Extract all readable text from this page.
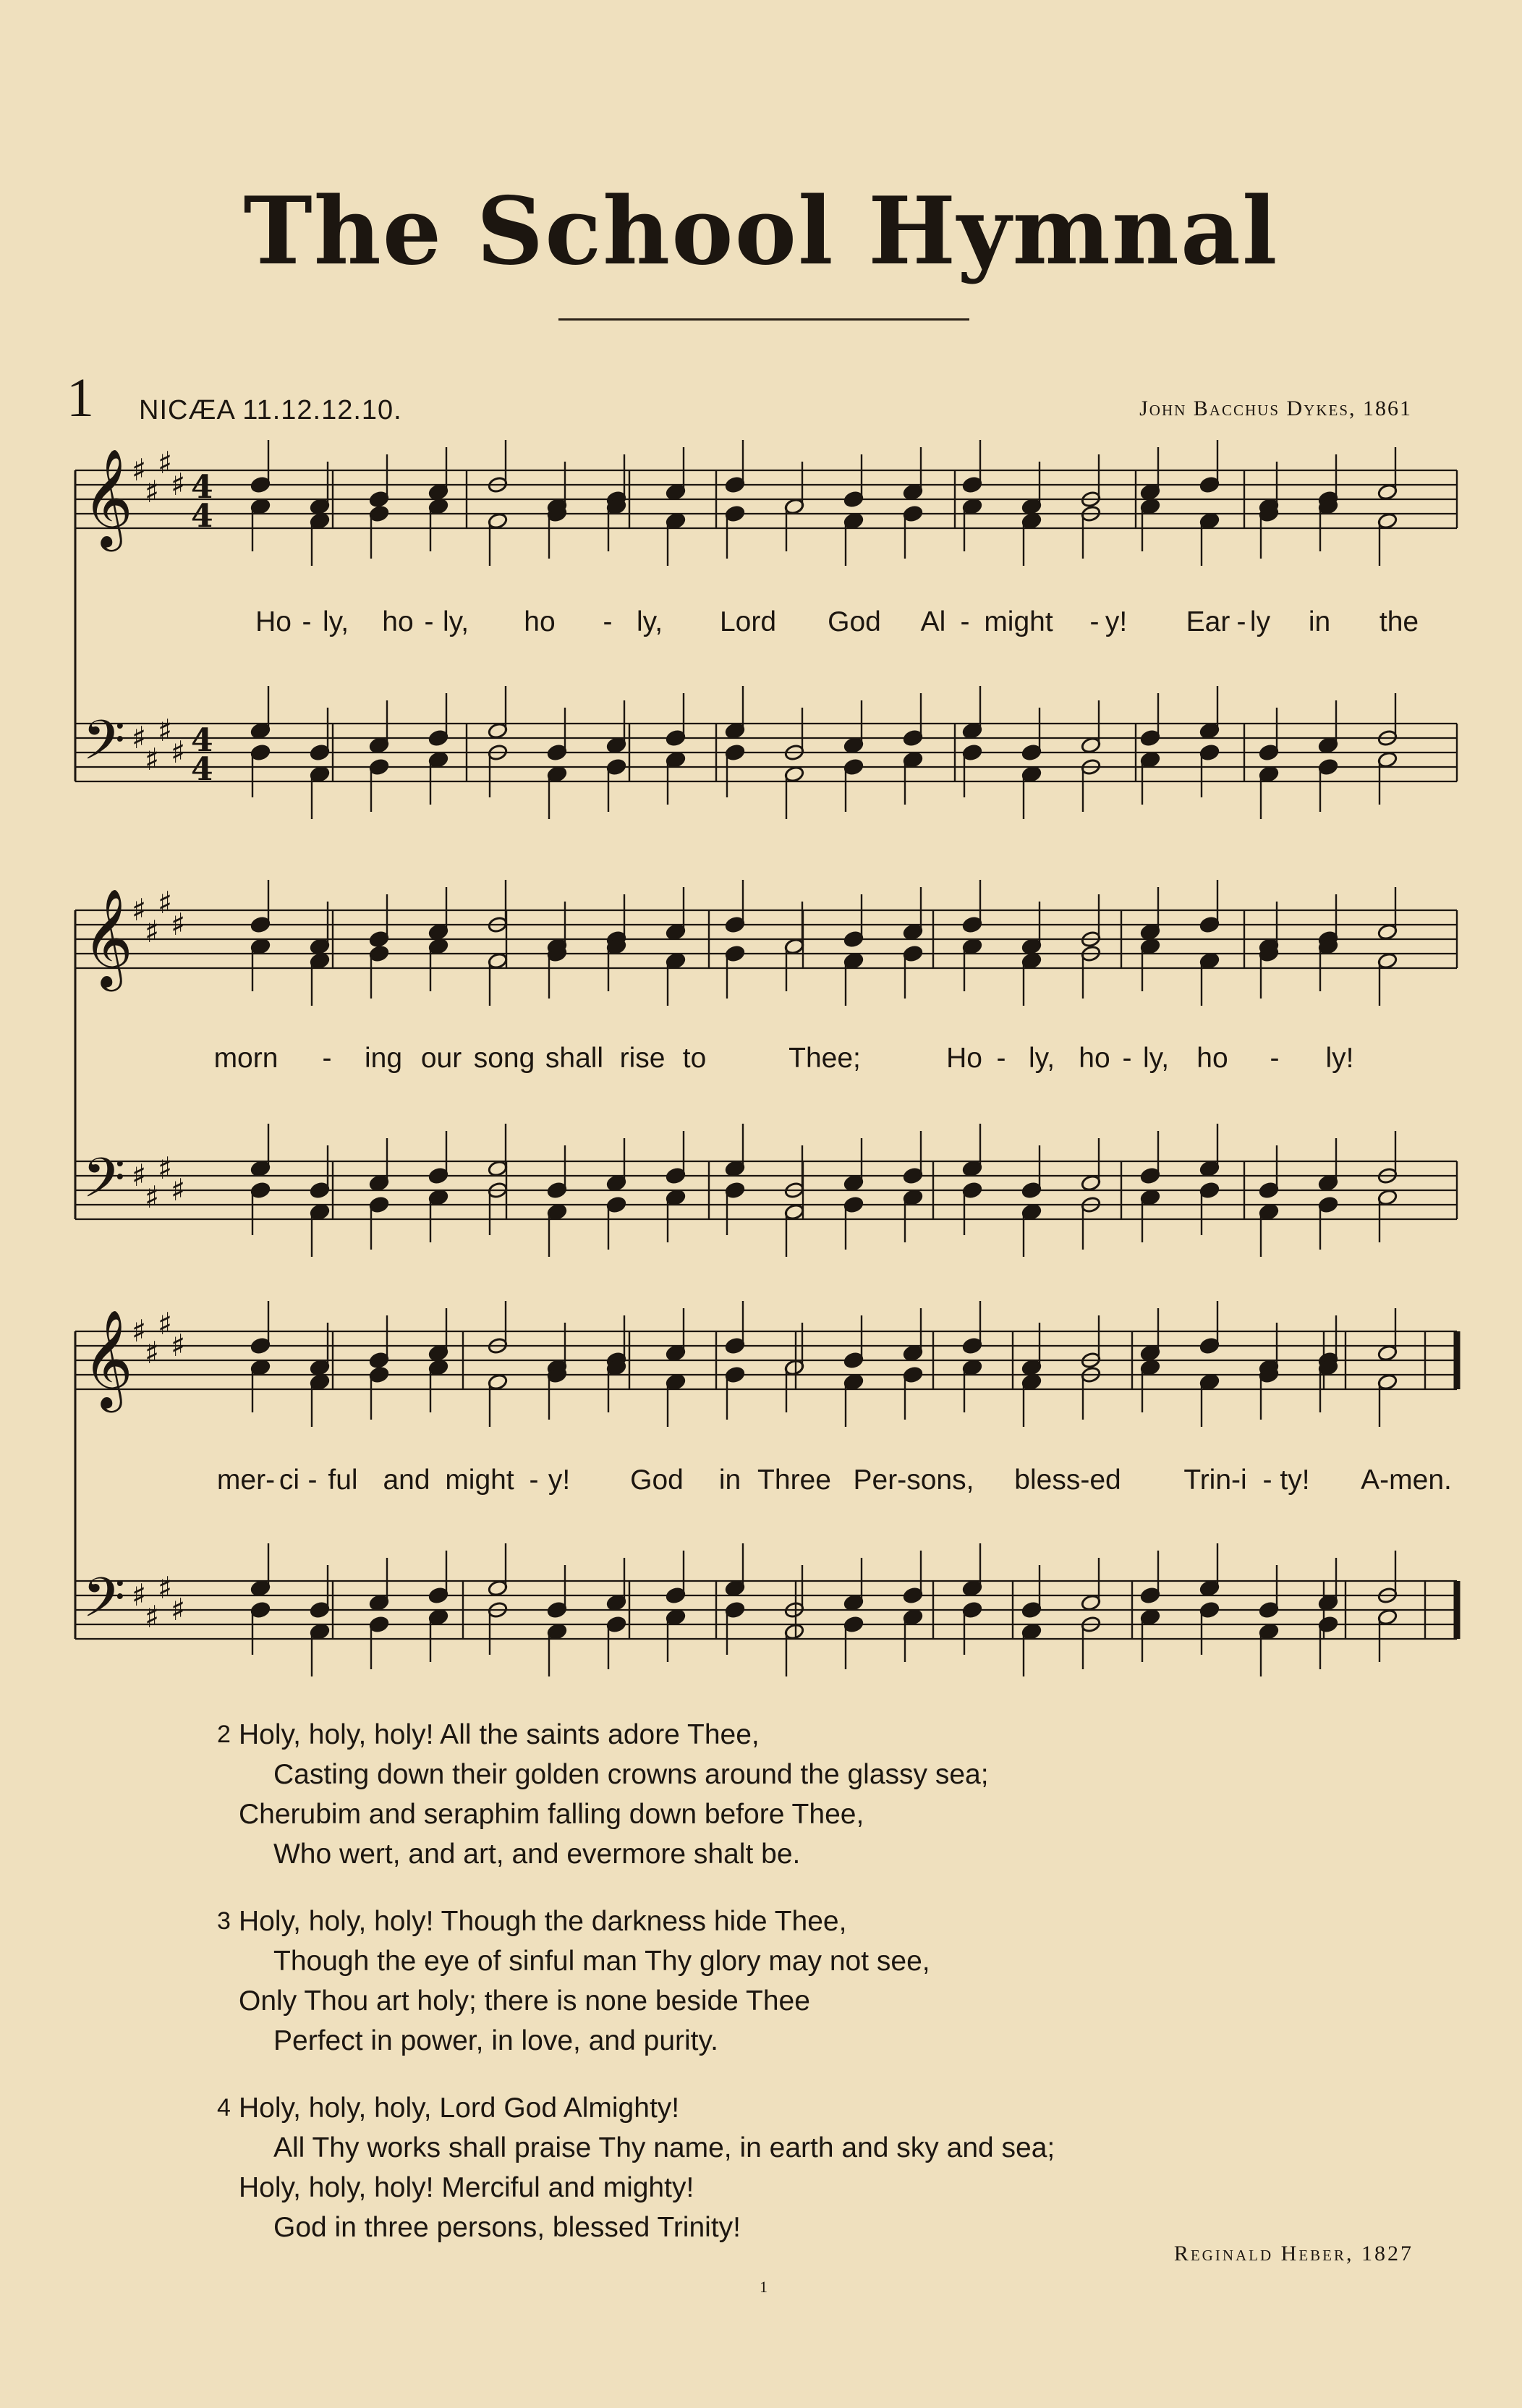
The School Hymnal
1 NICÆA 11.12.12.10.	John Bacchus Dykes, 1861
𝄞
♯
♯
♯
♯ 4
4
𝄢 ♯
♯
♯
♯ 4
4
𝄞
♯
♯
♯
♯
𝄢 ♯
♯
♯
♯
𝄞
♯
♯
♯
♯
𝄢 ♯
♯
♯
♯
Ho - ly, ho - ly, ho - ly, Lord God Al - might - y! Ear - ly in the
morn - ing our song shall rise to	Thee;	Ho - ly, ho - ly, ho - ly!
mer- ci - ful and might - y! God in Three Per-sons, bless-ed Trin-i - ty! A-men.
2 Holy, holy, holy! All the saints adore Thee,
Casting down their golden crowns around the glassy sea;
Cherubim and seraphim falling down before Thee,
Who wert, and art, and evermore shalt be.
3 Holy, holy, holy! Though the darkness hide Thee,
Though the eye of sinful man Thy glory may not see,
Only Thou art holy; there is none beside Thee
Perfect in power, in love, and purity.
4 Holy, holy, holy, Lord God Almighty!
All Thy works shall praise Thy name, in earth and sky and sea;
Holy, holy, holy! Merciful and mighty!
God in three persons, blessed Trinity!
Reginald Heber, 1827
1
